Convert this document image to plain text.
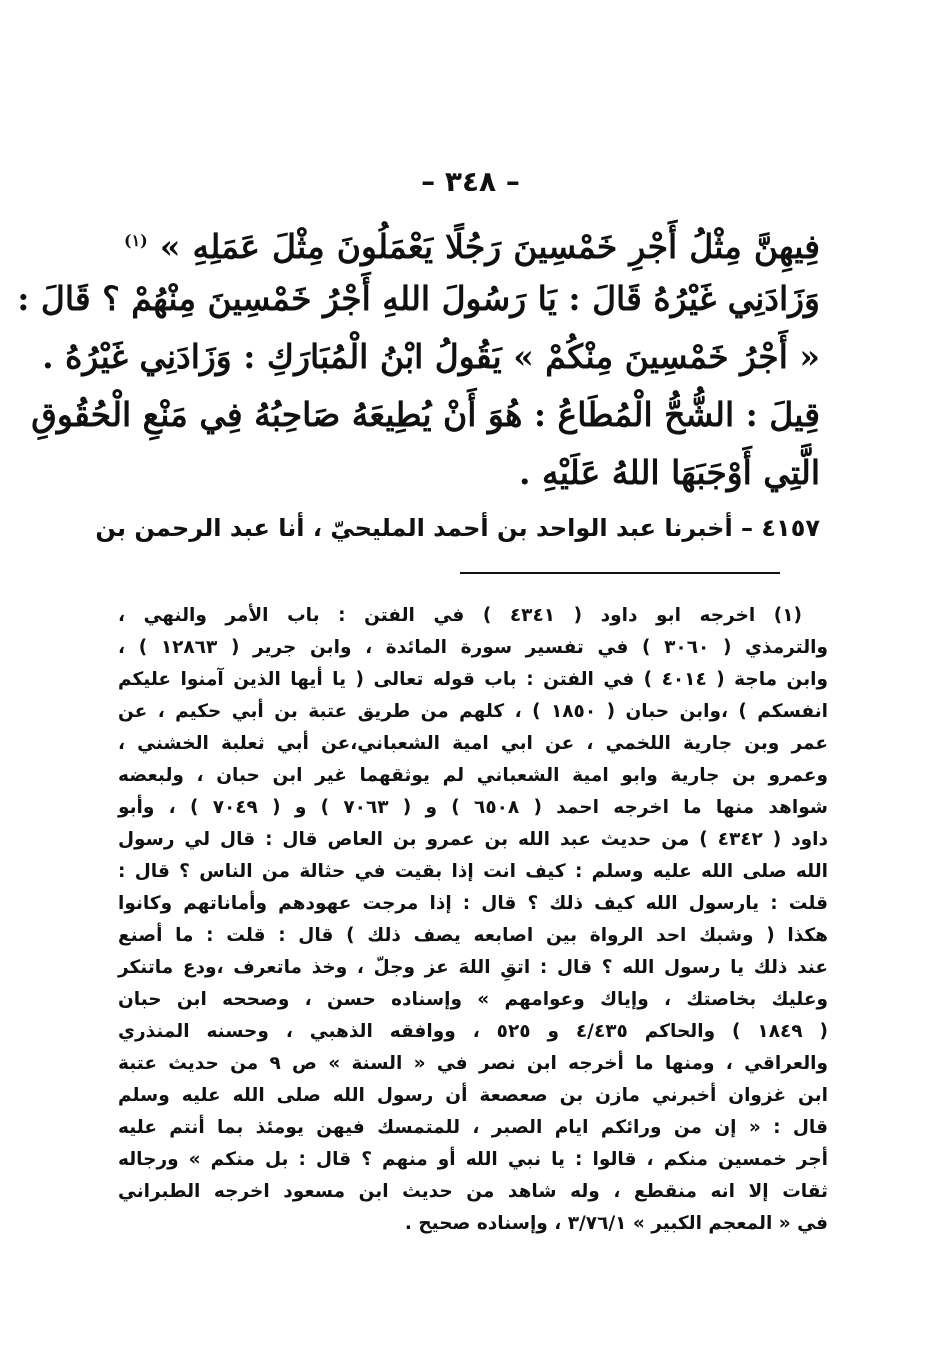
– ٣٤٨ –
فِيهِنَّ مِثْلُ أَجْرِ خَمْسِينَ رَجُلًا يَعْمَلُونَ مِثْلَ عَمَلِهِ » $^{(١)}$
وَزَادَنِي غَيْرُهُ قَالَ : يَا رَسُولَ اللهِ أَجْرُ خَمْسِينَ مِنْهُمْ ؟ قَالَ :
« أَجْرُ خَمْسِينَ مِنْكُمْ » يَقُولُ ابْنُ الْمُبَارَكِ : وَزَادَنِي غَيْرُهُ .
قِيلَ : الشُّحُّ الْمُطَاعُ : هُوَ أَنْ يُطِيعَهُ صَاحِبُهُ فِي مَنْعِ الْحُقُوقِ
الَّتِي أَوْجَبَهَا اللهُ عَلَيْهِ .
٤١٥٧ – أخبرنا عبد الواحد بن أحمد المليحيّ ، أنا عبد الرحمن بن
(١) اخرجه ابو داود ( ٤٣٤١ ) في الفتن : باب الأمر والنهي ،
والترمذي ( ٣٠٦٠ ) في تفسير سورة المائدة ، وابن جرير ( ١٢٨٦٣ ) ،
وابن ماجة ( ٤٠١٤ ) في الفتن : باب قوله تعالى ( يا أيها الذين آمنوا عليكم
انفسكم ) ،وابن حبان ( ١٨٥٠ ) ، كلهم من طريق عتبة بن أبي حكيم ، عن
عمر وبن جارية اللخمي ، عن ابي امية الشعباني،عن أبي ثعلبة الخشني ،
وعمرو بن جارية وابو امية الشعباني لم يوثقهما غير ابن حبان ، ولبعضه
شواهد منها ما اخرجه احمد ( ٦٥٠٨ ) و ( ٧٠٦٣ ) و ( ٧٠٤٩ ) ، وأبو
داود ( ٤٣٤٢ ) من حديث عبد الله بن عمرو بن العاص قال : قال لي رسول
الله صلى الله عليه وسلم : كيف انت إذا بقيت في حثالة من الناس ؟ قال :
قلت : يارسول الله كيف ذلك ؟ قال : إذا مرجت عهودهم وأماناتهم وكانوا
هكذا ( وشبك احد الرواة بين اصابعه يصف ذلك ) قال : قلت : ما أصنع
عند ذلك يا رسول الله ؟ قال : اتقِ اللهَ عز وجلّ ، وخذ ماتعرف ،ودع ماتنكر
وعليك بخاصتك ، وإياك وعوامهم » وإسناده حسن ، وصححه ابن حبان
( ١٨٤٩ ) والحاكم ٤/٤٣٥ و ٥٢٥ ، ووافقه الذهبي ، وحسنه المنذري
والعراقي ، ومنها ما أخرجه ابن نصر في « السنة » ص ٩ من حديث عتبة
ابن غزوان أخبرني مازن بن صعصعة أن رسول الله صلى الله عليه وسلم
قال : « إن من ورائكم ايام الصبر ، للمتمسك فيهن يومئذ بما أنتم عليه
أجر خمسين منكم ، قالوا : يا نبي الله أو منهم ؟ قال : بل منكم » ورجاله
ثقات إلا انه منقطع ، وله شاهد من حديث ابن مسعود اخرجه الطبراني
في « المعجم الكبير » ٣/٧٦/١ ، وإسناده صحيح .
